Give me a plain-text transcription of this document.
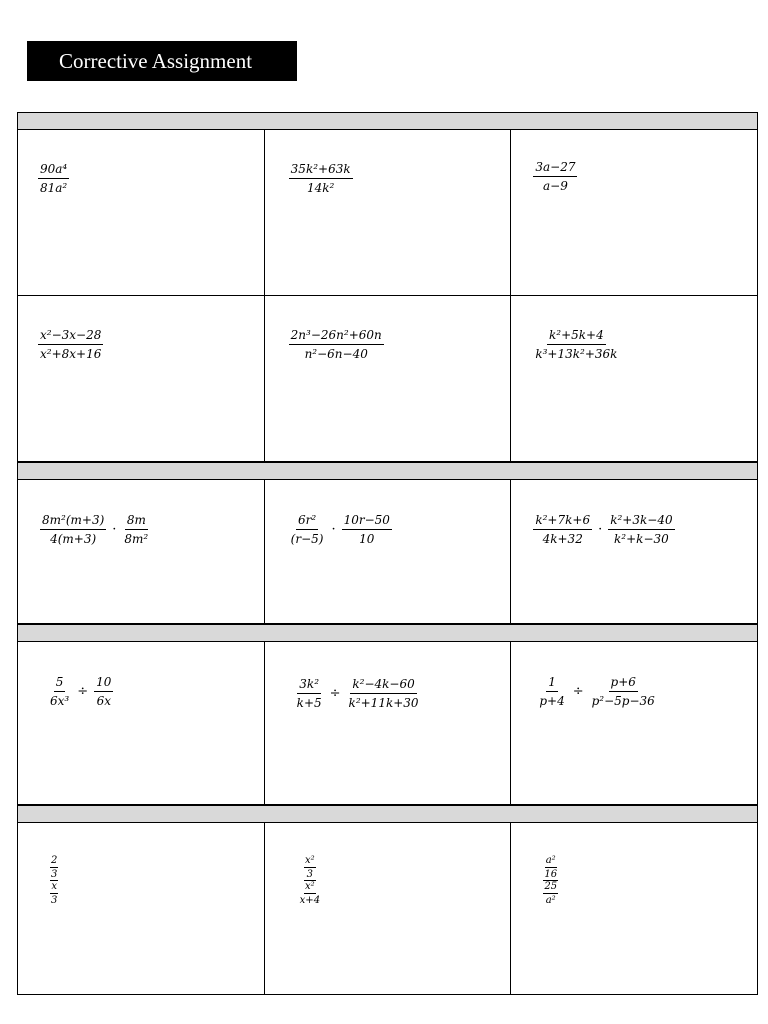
Corrective Assignment
$\frac{\text{90a⁴}}{\text{81a²}}$	$\frac{\text{35k²+63k}}{\text{14k²}}$	$\frac{3a-27}{a-9}$
$\frac{\text{x²−3x−28}}{\text{x²+8x+16}}$	$\frac{\text{2n³−26n²+60n}}{\text{n²−6n−40}}$	$\frac{\text{k²+5k+4}}{\text{k³+13k²+36k}}$
$\frac{\text{8m²(m+3)}}{4(m+3)} \cdot \frac{8m}{\text{8m²}}$	$\frac{\text{6r²}}{(r-5)} \cdot \frac{10r-50}{10}$	$\frac{\text{k²+7k+6}}{4k+32} \cdot \frac{\text{k²+3k−40}}{\text{k²+k−30}}$
$\frac{5}{\text{6x³}} \div \frac{10}{6x}$	$\frac{\text{3k²}}{k+5} \div \frac{\text{k²−4k−60}}{\text{k²+11k+30}}$	$\frac{1}{p+4} \div \frac{p+6}{\text{p²−5p−36}}$
$\frac{\frac{2}{3}}{\frac{x}{3}}$	$\frac{\frac{\text{x²}}{3}}{\frac{\text{x²}}{x+4}}$	$\frac{\frac{\text{a²}}{16}}{\frac{25}{\text{a²}}}$
